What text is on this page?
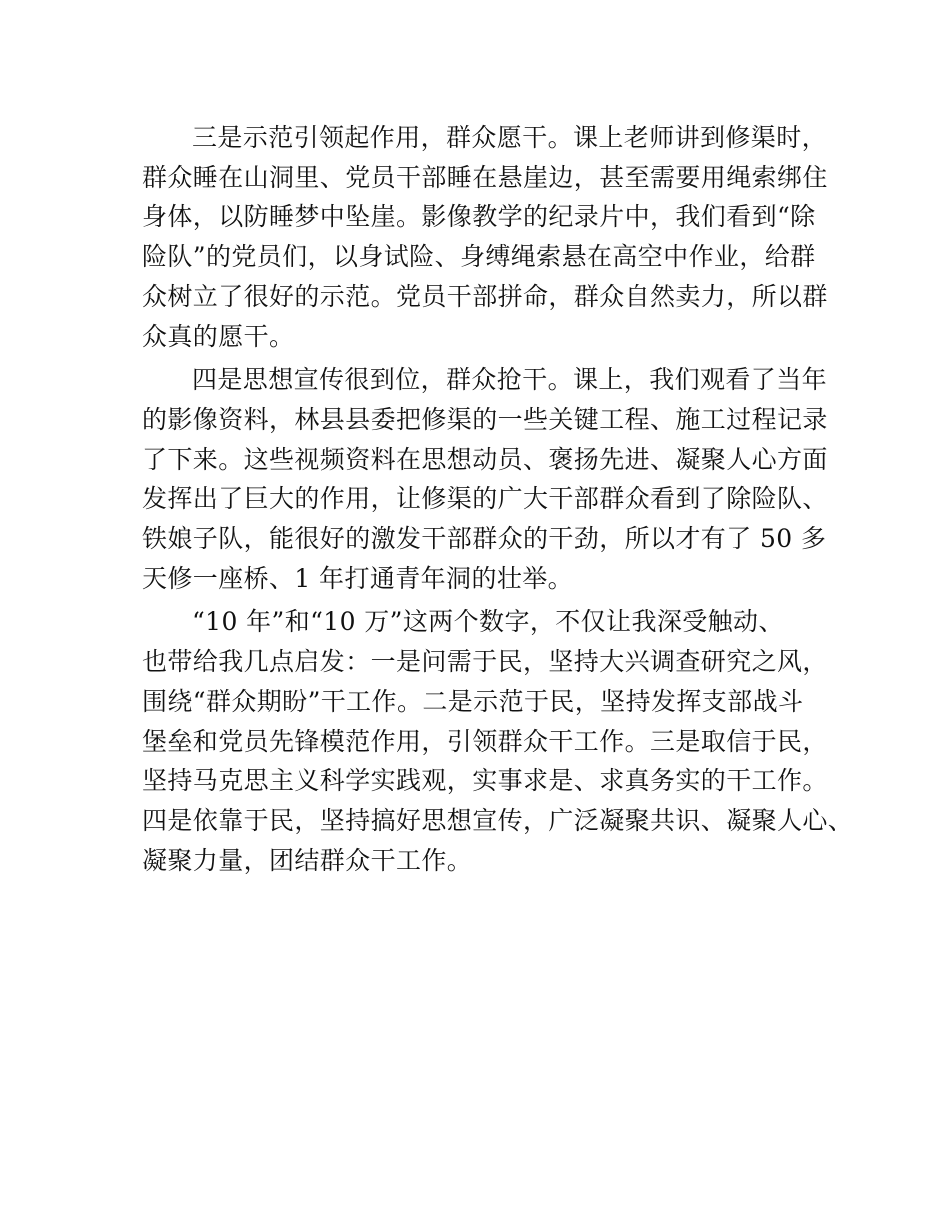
三是示范引领起作用，群众愿干。课上老师讲到修渠时，
群众睡在山洞里、党员干部睡在悬崖边，甚至需要用绳索绑住
身体，以防睡梦中坠崖。影像教学的纪录片中，我们看到“除
险队”的党员们，以身试险、身缚绳索悬在高空中作业，给群
众树立了很好的示范。党员干部拼命，群众自然卖力，所以群
众真的愿干。
四是思想宣传很到位，群众抢干。课上，我们观看了当年
的影像资料，林县县委把修渠的一些关键工程、施工过程记录
了下来。这些视频资料在思想动员、褒扬先进、凝聚人心方面
发挥出了巨大的作用，让修渠的广大干部群众看到了除险队、
铁娘子队，能很好的激发干部群众的干劲，所以才有了 50 多
天修一座桥、1 年打通青年洞的壮举。
“10 年”和“10 万”这两个数字，不仅让我深受触动、
也带给我几点启发：一是问需于民，坚持大兴调查研究之风，
围绕“群众期盼”干工作。二是示范于民，坚持发挥支部战斗
堡垒和党员先锋模范作用，引领群众干工作。三是取信于民，
坚持马克思主义科学实践观，实事求是、求真务实的干工作。
四是依靠于民，坚持搞好思想宣传，广泛凝聚共识、凝聚人心、
凝聚力量，团结群众干工作。
